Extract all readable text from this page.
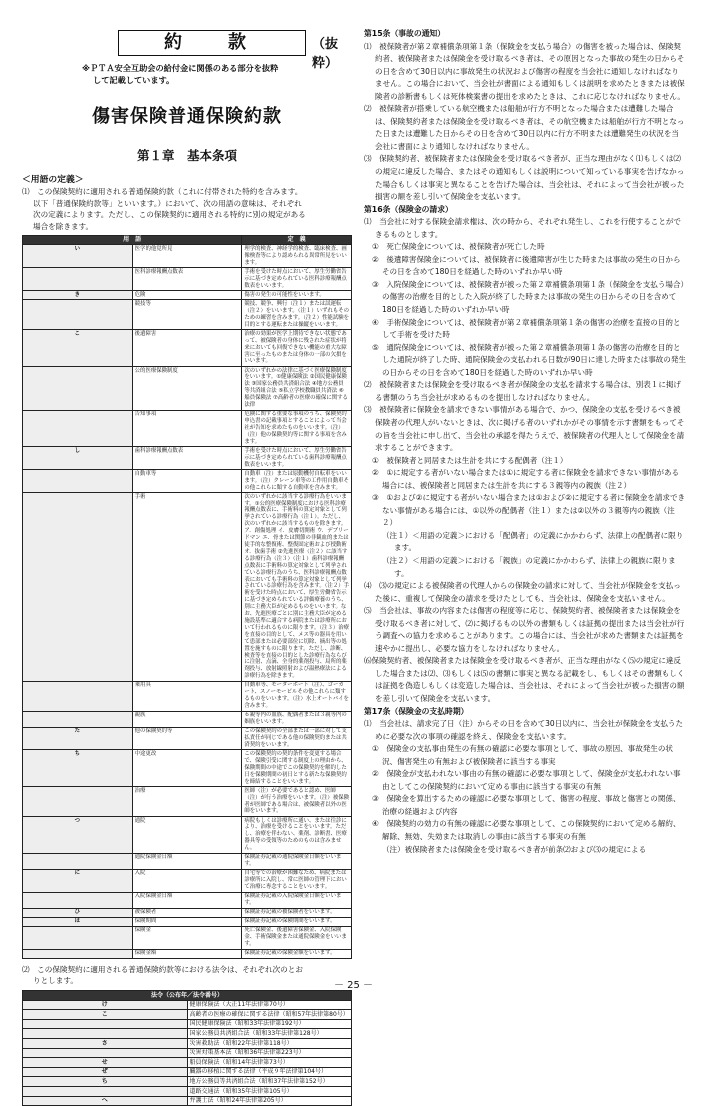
約　款	（抜粋）
※ＰＴＡ安全互助会の給付金に関係のある部分を抜粋
して記載しています。
傷害保険普通保険約款
第１章　基本条項
＜用語の定義＞
⑴　この保険契約に適用される普通保険約款（これに付帯された特約を含みます。
以下「普通保険約款等」といいます。）において、次の用語の意味は、それぞれ
次の定義によります。ただし、この保険契約に適用される特約に別の規定がある
場合を除きます。
用　語		定　義
い	医学的他覚所見	理学的検査、神経学的検査、臨床検査、画像検査等により認められる異常所見をいいます。
	医科診療報酬点数表	手術を受けた時点において、厚生労働省告示に基づき定められている医科診療報酬点数表をいいます。
き	危険	傷害の発生の可能性をいいます。
	競技等	競技、競争、興行（注１）または試運転（注２）をいいます。（注１）いずれもそのための練習を含みます。（注２）性能試験を目的とする運転または操縦をいいます。
こ	後遺障害	治療の効果が医学上期待できない状態であって、被保険者の身体に残された症状が将来においても回復できない機能の重大な障害に至ったものまたは身体の一部の欠損をいいます。
	公的医療保険制度	次のいずれかの法律に基づく医療保険制度をいいます。①健康保険法 ②国民健康保険法 ③国家公務員共済組合法 ④地方公務員等共済組合法 ⑤私立学校教職員共済法 ⑥船員保険法 ⑦高齢者の医療の確保に関する法律
	告知事項	危険に関する重要な事項のうち、保険契約申込書の記載事項とすることによって当会社が告知を求めたものをいいます。（注）（注）他の保険契約等に関する事項を含みます。
し	歯科診療報酬点数表	手術を受けた時点において、厚生労働省告示に基づき定められている歯科診療報酬点数表をいいます。
	自動車等	自動車（注）または原動機付自転車をいいます。（注）クレーン車等の工作用自動車その他これらに類する自動車を含みます。
	手術	次のいずれかに該当する診療行為をいいます。①公的医療保険制度における医科診療報酬点数表に、手術料の算定対象として列挙されている診療行為（注１）。ただし、次のいずれかに該当するものを除きます。ア．創傷処理 イ．皮膚切開術 ウ．デブリードマン エ．骨または関節の非観血的または徒手的な整復術、整復固定術および授動術 オ．抜歯手術 ②先進医療（注２）に該当する診療行為（注３）（注１）歯科診療報酬点数表に手術料の算定対象として列挙されている診療行為のうち、医科診療報酬点数表においても手術料の算定対象として列挙されている診療行為を含みます。（注２）手術を受けた時点において、厚生労働省告示に基づき定められている評価療養のうち、別に主務大臣が定めるものをいいます。なお、先進医療ごとに別に主務大臣が定める施設基準に適合する病院または診療所において行われるものに限ります。（注３）治療を直接の目的として、メス等の器具を用いて患部または必要部位に切除、摘出等の処置を施すものに限ります。ただし、診断、検査等を直接の目的とした診療行為ならびに注射、点滴、全身的薬剤投与、局所的薬剤投与、放射線照射および温熱療法による診療行為を除きます。
	乗用具	自動車等、モーターボート（注）、ゴーカート、スノーモービルその他これらに類するものをいいます。（注）水上オートバイを含みます。
	親族	６親等内の血族、配偶者または３親等内の姻族をいいます。
た	他の保険契約等	この保険契約の全部または一部に対して支払責任が同じである他の保険契約または共済契約をいいます。
ち	中途更改	この保険契約の契約条件を変更する場合で、保険引受に関する制度上の理由から、保険期間の中途でこの保険契約を解約した日を保険期間の初日とする新たな保険契約を締結することをいいます。
	治療	医師（注）が必要であると認め、医師（注）が行う治療をいいます。（注）被保険者が医師である場合は、被保険者以外の医師をいいます。
つ	通院	病院もしくは診療所に通い、または往診により、治療を受けることをいいます。ただし、治療を伴わない、薬剤、診断書、医療器具等の受領等のためのものは含みません。
	通院保険金日額	保険証券記載の通院保険金日額をいいます。
に	入院	自宅等での治療が困難なため、病院または診療所に入院し、常に医師の管理下において治療に専念することをいいます。
	入院保険金日額	保険証券記載の入院保険金日額をいいます。
ひ	被保険者	保険証券記載の被保険者をいいます。
ほ	保険期間	保険証券記載の保険期間をいいます。
	保険金	死亡保険金、後遺障害保険金、入院保険金、手術保険金または通院保険金をいいます。
	保険金額	保険証券記載の保険金額をいいます。
⑵　この保険契約に適用される普通保険約款等における法令は、それぞれ次のとお
りとします。
法令（公布年／法令番号）	
け	健康保険法（大正11年法律第70号）
こ	高齢者の医療の確保に関する法律（昭和57年法律第80号）
	国民健康保険法（昭和33年法律第192号）
	国家公務員共済組合法（昭和33年法律第128号）
さ	災害救助法（昭和22年法律第118号）
	災害対策基本法（昭和36年法律第223号）
せ	船員保険法（昭和14年法律第73号）
ぜ	臓器の移植に関する法律（平成９年法律第104号）
ち	地方公務員等共済組合法（昭和37年法律第152号）
	道路交通法（昭和35年法律第105号）
へ	弁護士法（昭和24年法律第205号）
第15条（事故の通知）
⑴　被保険者が第２章補償条項第１条（保険金を支払う場合）の傷害を被った場合は、保険契約者、被保険者または保険金を受け取るべき者は、その原因となった事故の発生の日からその日を含めて30日以内に事故発生の状況および傷害の程度を当会社に通知しなければなりません。この場合において、当会社が書面による通知もしくは説明を求めたときまたは被保険者の診断書もしくは死体検案書の提出を求めたときは、これに応じなければなりません。
⑵　被保険者が搭乗している航空機または船舶が行方不明となった場合または遭難した場合は、保険契約者または保険金を受け取るべき者は、その航空機または船舶が行方不明となった日または遭難した日からその日を含めて30日以内に行方不明または遭難発生の状況を当会社に書面により通知しなければなりません。
⑶　保険契約者、被保険者または保険金を受け取るべき者が、正当な理由がなく⑴もしくは⑵の規定に違反した場合、またはその通知もしくは説明について知っている事実を告げなかった場合もしくは事実と異なることを告げた場合は、当会社は、それによって当会社が被った損害の額を差し引いて保険金を支払います。
第16条（保険金の請求）
⑴　当会社に対する保険金請求権は、次の時から、それぞれ発生し、これを行使することができるものとします。
①　死亡保険金については、被保険者が死亡した時
②　後遺障害保険金については、被保険者に後遺障害が生じた時または事故の発生の日からその日を含めて180日を経過した時のいずれか早い時
③　入院保険金については、被保険者が被った第２章補償条項第１条（保険金を支払う場合）の傷害の治療を目的とした入院が終了した時または事故の発生の日からその日を含めて180日を経過した時のいずれか早い時
④　手術保険金については、被保険者が第２章補償条項第１条の傷害の治療を直接の目的として手術を受けた時
⑤　通院保険金については、被保険者が被った第２章補償条項第１条の傷害の治療を目的とした通院が終了した時、通院保険金の支払われる日数が90日に達した時または事故の発生の日からその日を含めて180日を経過した時のいずれか早い時
⑵　被保険者または保険金を受け取るべき者が保険金の支払を請求する場合は、別表１に掲げる書類のうち当会社が求めるものを提出しなければなりません。
⑶　被保険者に保険金を請求できない事情がある場合で、かつ、保険金の支払を受けるべき被保険者の代理人がいないときは、次に掲げる者のいずれかがその事情を示す書類をもってその旨を当会社に申し出て、当会社の承認を得たうえで、被保険者の代理人として保険金を請求することができます。
①　被保険者と同居または生計を共にする配偶者（注１）
②　①に規定する者がいない場合または①に規定する者に保険金を請求できない事情がある場合には、被保険者と同居または生計を共にする３親等内の親族（注２）
③　①および②に規定する者がいない場合または①および②に規定する者に保険金を請求できない事情がある場合には、①以外の配偶者（注１）または②以外の３親等内の親族（注２）
（注１）＜用語の定義＞における「配偶者」の定義にかかわらず、法律上の配偶者に限ります。
（注２）＜用語の定義＞における「親族」の定義にかかわらず、法律上の親族に限ります。
⑷　⑶の規定による被保険者の代理人からの保険金の請求に対して、当会社が保険金を支払った後に、重複して保険金の請求を受けたとしても、当会社は、保険金を支払いません。
⑸　当会社は、事故の内容または傷害の程度等に応じ、保険契約者、被保険者または保険金を受け取るべき者に対して、⑵に掲げるもの以外の書類もしくは証拠の提出または当会社が行う調査への協力を求めることがあります。この場合には、当会社が求めた書類または証拠を速やかに提出し、必要な協力をしなければなりません。
⑹保険契約者、被保険者または保険金を受け取るべき者が、正当な理由がなく⑸の規定に違反した場合または⑵、⑶もしくは⑸の書類に事実と異なる記載をし、もしくはその書類もしくは証拠を偽造しもしくは変造した場合は、当会社は、それによって当会社が被った損害の額を差し引いて保険金を支払います。
第17条（保険金の支払時期）
⑴　当会社は、請求完了日（注）からその日を含めて30日以内に、当会社が保険金を支払うために必要な次の事項の確認を終え、保険金を支払います。
①　保険金の支払事由発生の有無の確認に必要な事項として、事故の原因、事故発生の状況、傷害発生の有無および被保険者に該当する事実
②　保険金が支払われない事由の有無の確認に必要な事項として、保険金が支払われない事由としてこの保険契約において定める事由に該当する事実の有無
③　保険金を算出するための確認に必要な事項として、傷害の程度、事故と傷害との関係、治療の経過および内容
④　保険契約の効力の有無の確認に必要な事項として、この保険契約において定める解約、解除、無効、失効または取消しの事由に該当する事実の有無
（注）被保険者または保険金を受け取るべき者が前条⑵および⑶の規定による
－ 25 －
